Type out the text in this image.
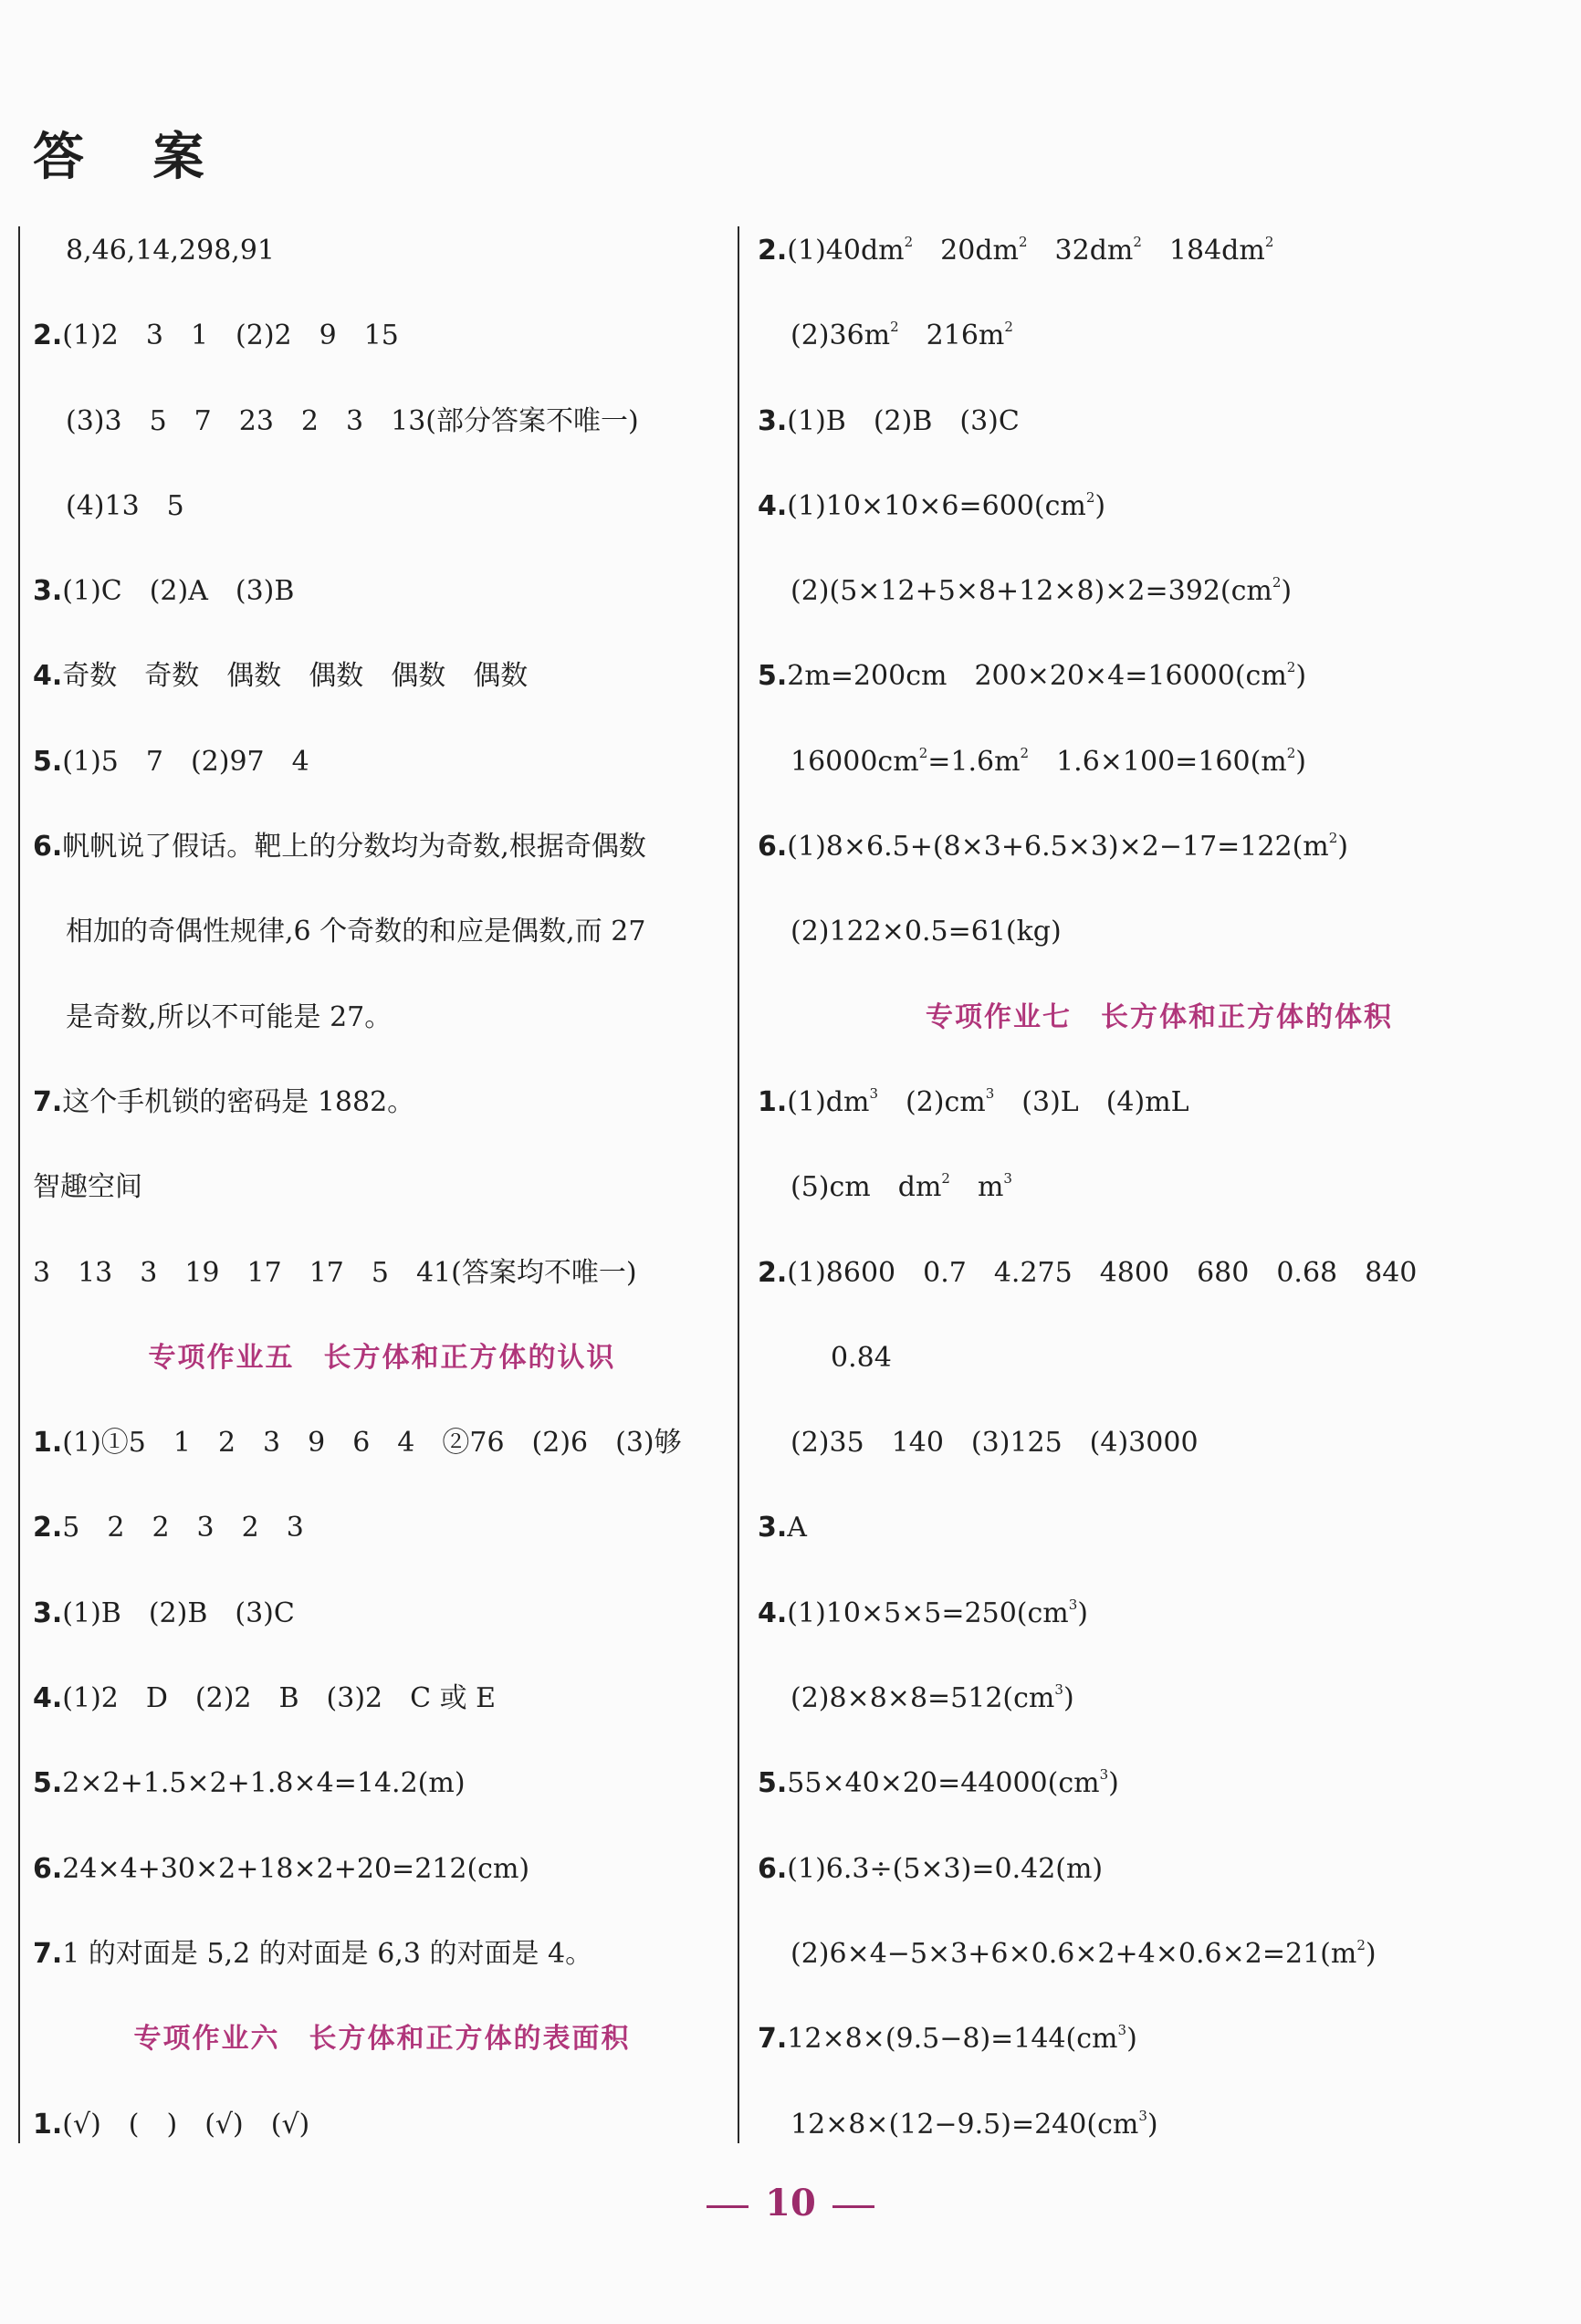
答 案
8,46,14,298,91
2.(1)2　3　1　(2)2　9　15
(3)3　5　7　23　2　3　13(部分答案不唯一)
(4)13　5
3.(1)C　(2)A　(3)B
4.奇数　奇数　偶数　偶数　偶数　偶数
5.(1)5　7　(2)97　4
6.帆帆说了假话。靶上的分数均为奇数,根据奇偶数
相加的奇偶性规律,6 个奇数的和应是偶数,而 27
是奇数,所以不可能是 27。
7.这个手机锁的密码是 1882。
智趣空间
3　13　3　19　17　17　5　41(答案均不唯一)
专项作业五　长方体和正方体的认识
1.(1)①5　1　2　3　9　6　4　②76　(2)6　(3)够
2.5　2　2　3　2　3
3.(1)B　(2)B　(3)C
4.(1)2　D　(2)2　B　(3)2　C 或 E
5.2×2+1.5×2+1.8×4=14.2(m)
6.24×4+30×2+18×2+20=212(cm)
7.1 的对面是 5,2 的对面是 6,3 的对面是 4。
专项作业六　长方体和正方体的表面积
1.(√)　(　)　(√)　(√)
$2.(1)40dm^2$　$20dm^2$　$32dm^2$　$184dm^2$
$(2)36m^2$　$216m^2$
3.(1)B　(2)B　(3)C
$4.(1)10\times 10\times 6=600(cm^2)$
$(2)(5\times 12+5\times 8+12\times 8)\times 2=392(cm^2)$
5.2m=200cm　$200\times 20\times 4=16000(cm^2)$
$16000cm^2=1.6m^2$　$1.6\times 100=160(m^2)$
$6.(1)8\times 6.5+(8\times 3+6.5\times 3)\times 2-17=122(m^2)$
(2)122×0.5=61(kg)
专项作业七　长方体和正方体的体积
$1.(1)dm^3$　$(2)cm^3$　(3)L　(4)mL
(5)cm　$dm^2$　$m^3$
2.(1)8600　0.7　4.275　4800　680　0.68　840
0.84
(2)35　140　(3)125　(4)3000
3.A
$4.(1)10\times 5\times 5=250(cm^3)$
$(2)8\times 8\times 8=512(cm^3)$
$5.55\times 40\times 20=44000(cm^3)$
6.(1)6.3÷(5×3)=0.42(m)
$(2)6\times 4-5\times 3+6\times 0.6\times 2+4\times 0.6\times 2=21(m^2)$
$7.12\times 8\times(9.5-8)=144(cm^3)$
$12\times 8\times(12-9.5)=240(cm^3)$
10
